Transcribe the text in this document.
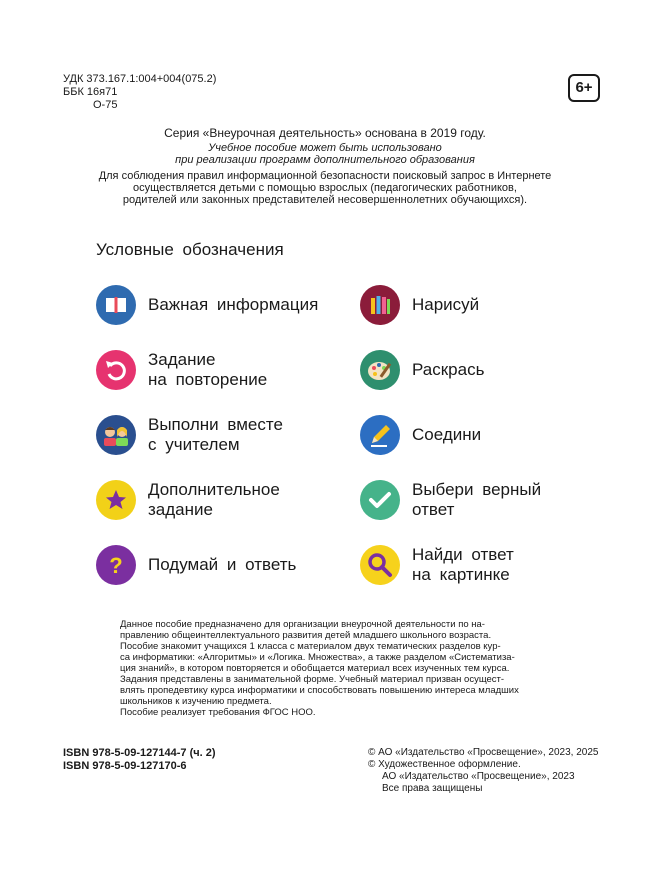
УДК 373.167.1:004+004(075.2)
ББК 16я71
О-75
6+
Серия «Внеурочная деятельность» основана в 2019 году.
Учебное пособие может быть использовано
при реализации программ дополнительного образования
Для соблюдения правил информационной безопасности поисковый запрос в Интернете
осуществляется детьми с помощью взрослых (педагогических работников,
родителей или законных представителей несовершеннолетних обучающихся).
Условные обозначения
Важная информация	Нарисуй
Задание
на повторение
Раскрась
Выполни вместе
с учителем
Соедини
Дополнительное
задание
Выбери верный
ответ
? Подумай и ответь
Найди ответ
на картинке
Данное пособие предназначено для организации внеурочной деятельности по на-
правлению общеинтеллектуального развития детей младшего школьного возраста.
Пособие знакомит учащихся 1 класса с материалом двух тематических разделов кур-
са информатики: «Алгоритмы» и «Логика. Множества», а также разделом «Систематиза-
ция знаний», в котором повторяется и обобщается материал всех изученных тем курса.
Задания представлены в занимательной форме. Учебный материал призван осущест-
влять пропедевтику курса информатики и способствовать повышению интереса младших
школьников к изучению предмета.
Пособие реализует требования ФГОС НОО.
ISBN 978-5-09-127144-7 (ч. 2)
ISBN 978-5-09-127170-6
© АО «Издательство «Просвещение», 2023, 2025
© Художественное оформление.
АО «Издательство «Просвещение», 2023
Все права защищены
